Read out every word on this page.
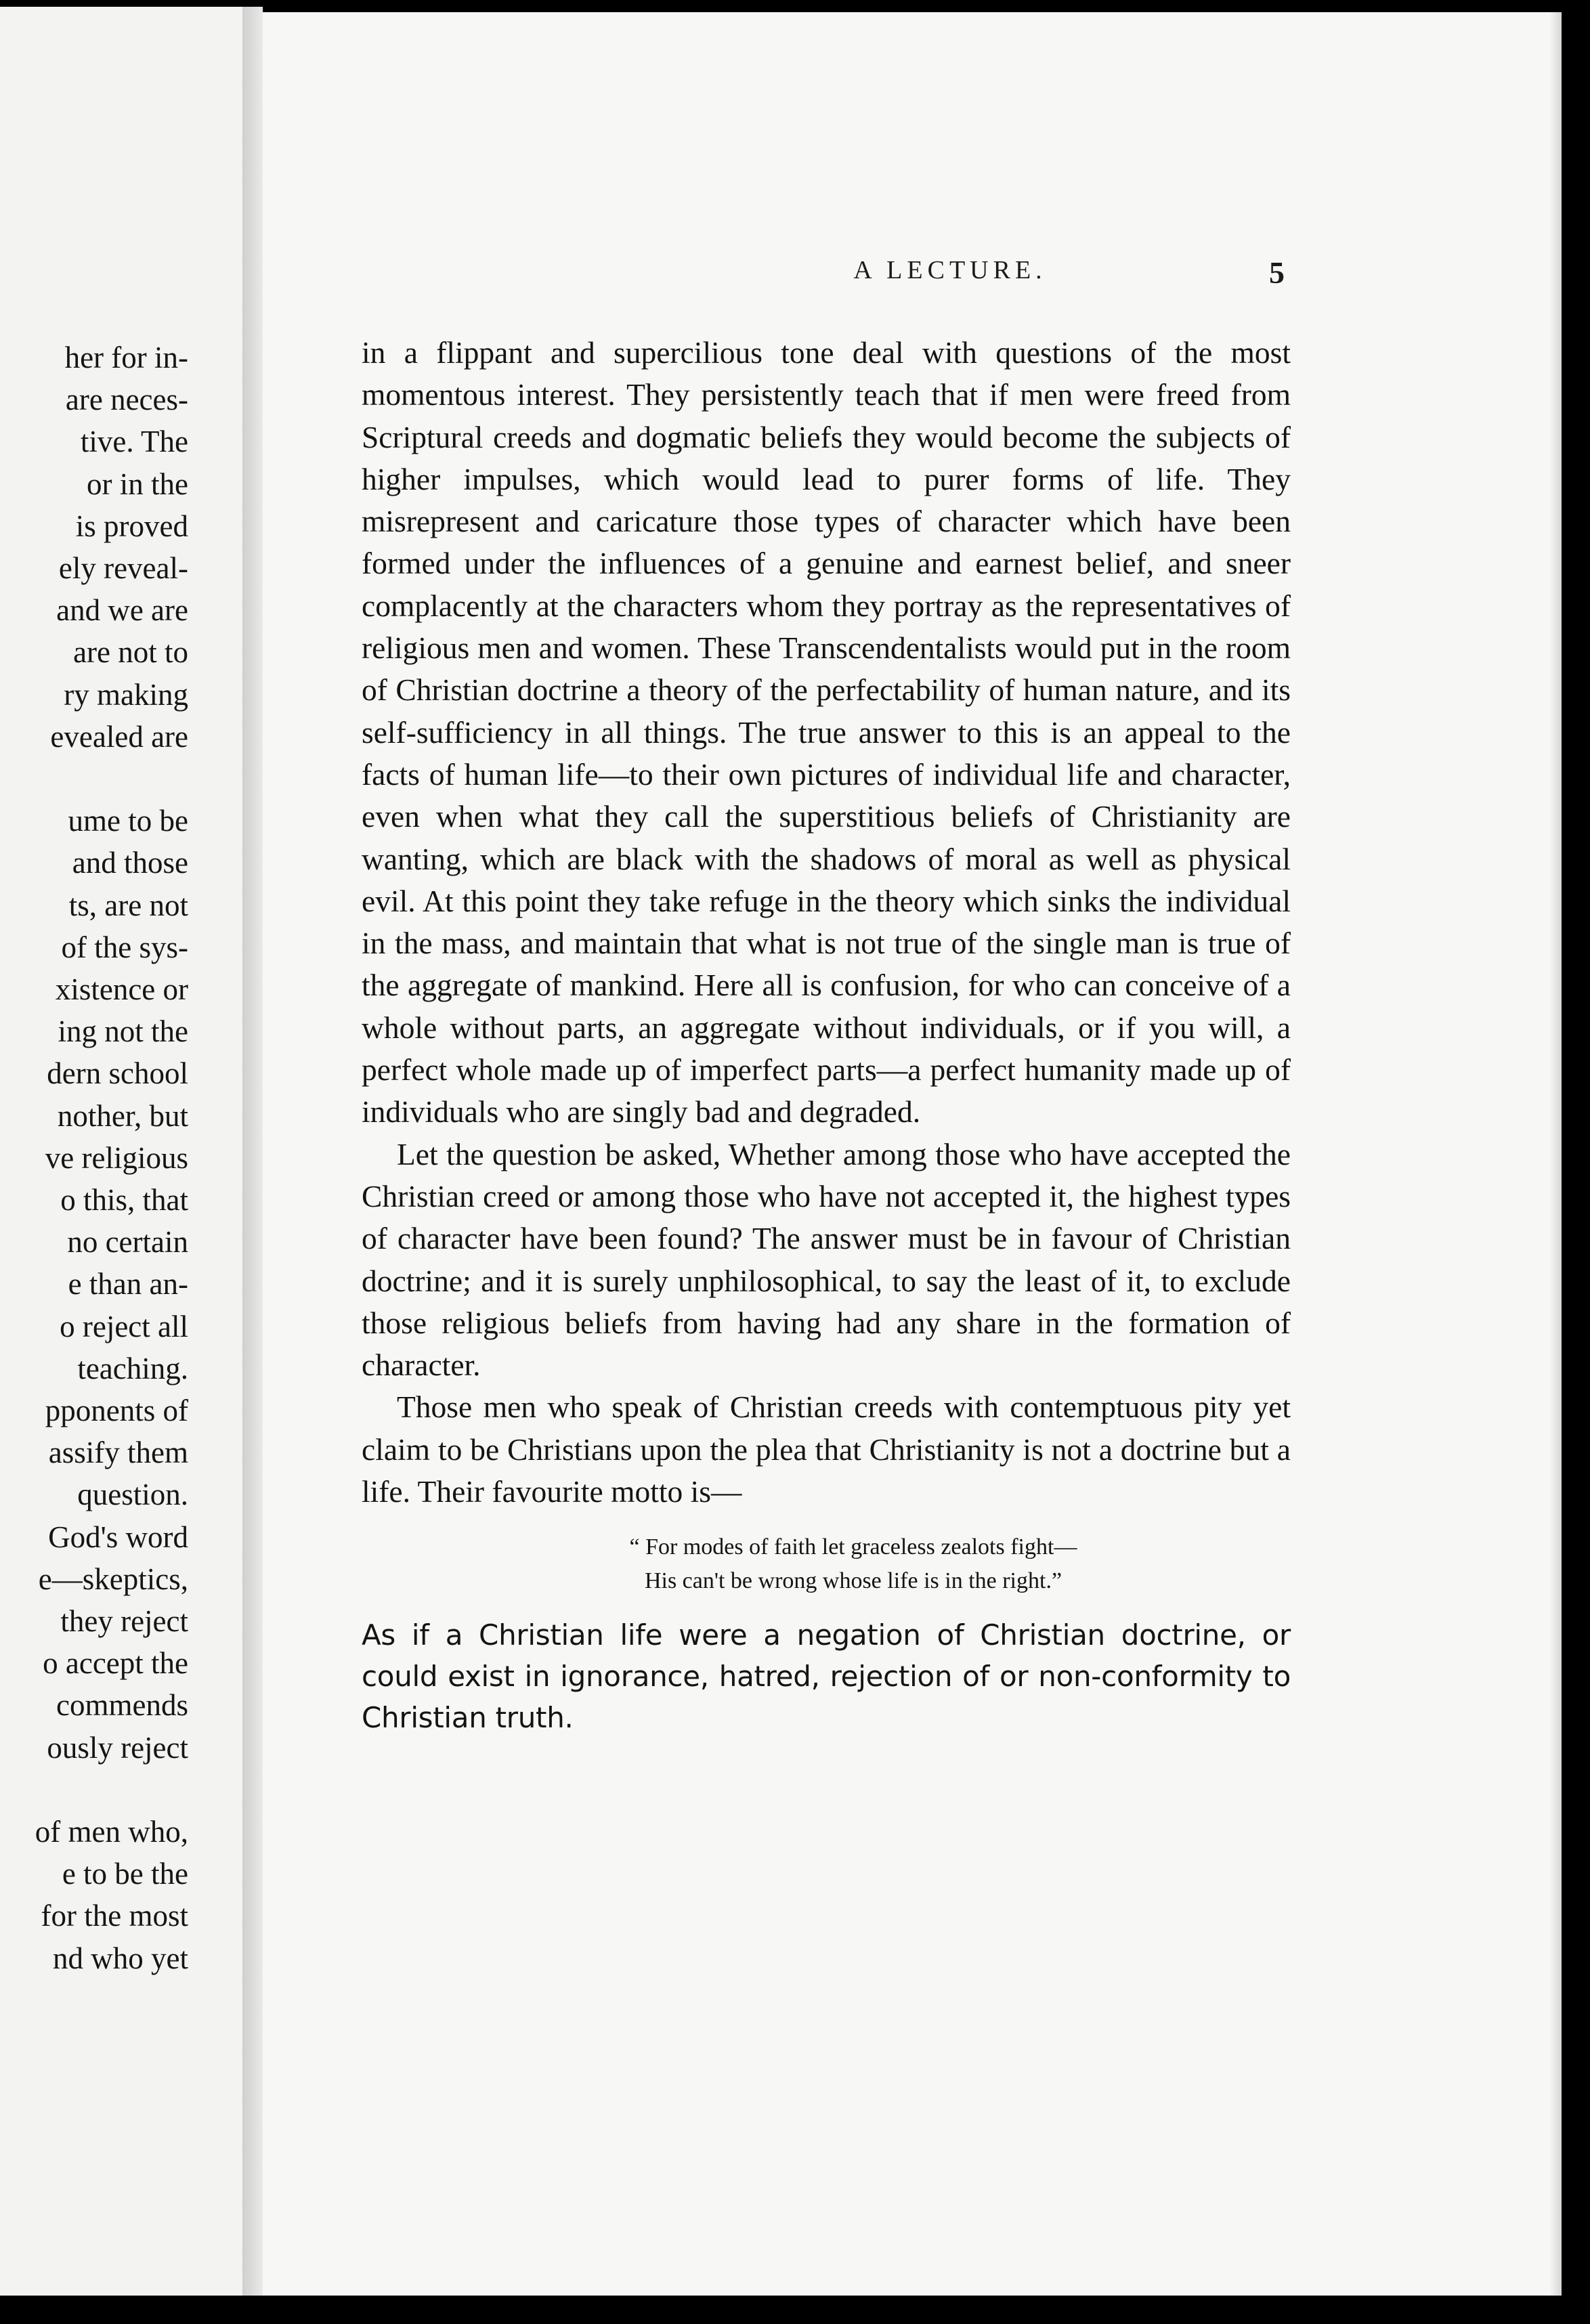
her for in-
are neces-
tive. The
or in the
is proved
ely reveal-
and we are
are not to
ry making
evealed are
ume to be
and those
ts, are not
of the sys-
xistence or
ing not the
dern school
nother, but
ve religious
o this, that
no certain
e than an-
o reject all
teaching.
pponents of
assify them
question.
God's word
e—skeptics,
they reject
o accept the
commends
ously reject
of men who,
e to be the
for the most
nd who yet
A LECTURE.	5

in a flippant and supercilious tone deal with questions of the most momentous interest. They persistently teach that if men were freed from Scriptural creeds and dogmatic beliefs they would become the subjects of higher impulses, which would lead to purer forms of life. They misrepresent and caricature those types of character which have been formed under the influences of a genuine and earnest belief, and sneer complacently at the characters whom they portray as the representatives of religious men and women. These Transcendentalists would put in the room of Christian doctrine a theory of the perfectability of human nature, and its self-sufficiency in all things. The true answer to this is an appeal to the facts of human life—to their own pictures of individual life and character, even when what they call the superstitious beliefs of Christianity are wanting, which are black with the shadows of moral as well as physical evil. At this point they take refuge in the theory which sinks the individual in the mass, and maintain that what is not true of the single man is true of the aggregate of mankind. Here all is confusion, for who can conceive of a whole without parts, an aggregate without individuals, or if you will, a perfect whole made up of imperfect parts—a perfect humanity made up of individuals who are singly bad and degraded.

Let the question be asked, Whether among those who have accepted the Christian creed or among those who have not accepted it, the highest types of character have been found? The answer must be in favour of Christian doctrine; and it is surely unphilosophical, to say the least of it, to exclude those religious beliefs from having had any share in the formation of character.

Those men who speak of Christian creeds with contemptuous pity yet claim to be Christians upon the plea that Christianity is not a doctrine but a life. Their favourite motto is—

“ For modes of faith let graceless zealots fight—
His can't be wrong whose life is in the right.”

As if a Christian life were a negation of Christian doctrine, or could exist in ignorance, hatred, rejection of or non-conformity to Christian truth.
